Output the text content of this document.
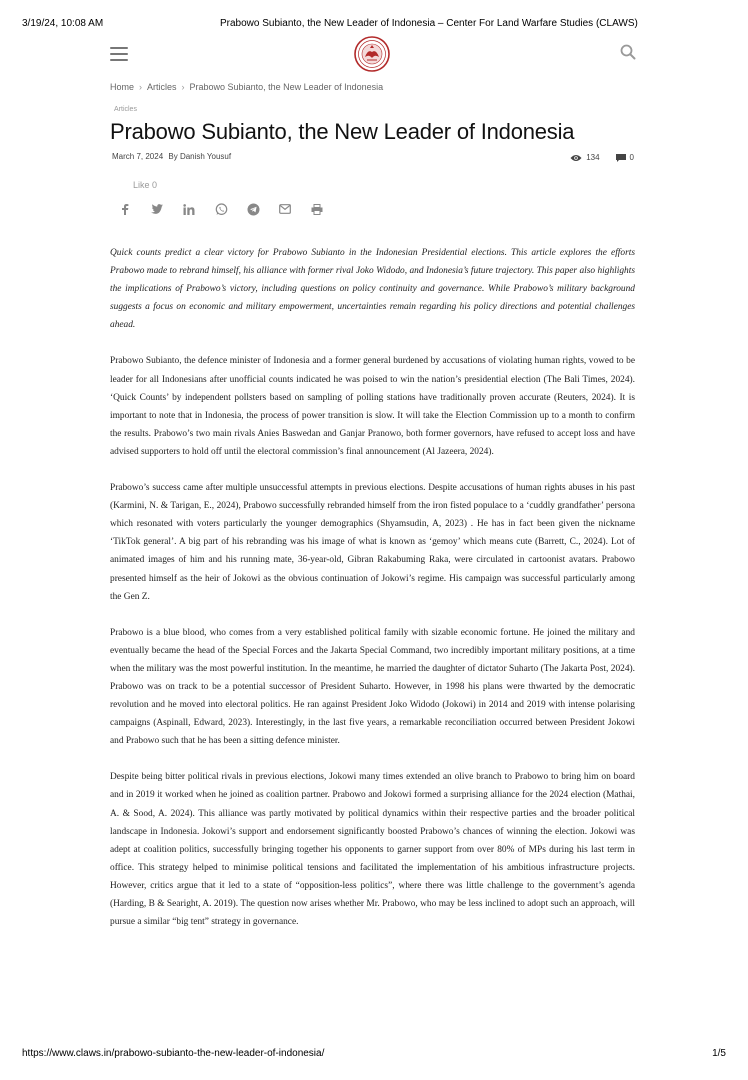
3/19/24, 10:08 AM	Prabowo Subianto, the New Leader of Indonesia – Center For Land Warfare Studies (CLAWS)
Home › Articles › Prabowo Subianto, the New Leader of Indonesia
Articles
Prabowo Subianto, the New Leader of Indonesia
March 7, 2024 By Danish Yousuf	134	0
Like 0

Quick counts predict a clear victory for Prabowo Subianto in the Indonesian Presidential elections. This article explores the efforts Prabowo made to rebrand himself, his alliance with former rival Joko Widodo, and Indonesia’s future trajectory. This paper also highlights the implications of Prabowo’s victory, including questions on policy continuity and governance. While Prabowo’s military background suggests a focus on economic and military empowerment, uncertainties remain regarding his policy directions and potential challenges ahead.

Prabowo Subianto, the defence minister of Indonesia and a former general burdened by accusations of violating human rights, vowed to be leader for all Indonesians after unofficial counts indicated he was poised to win the nation’s presidential election (The Bali Times, 2024). ‘Quick Counts’ by independent pollsters based on sampling of polling stations have traditionally proven accurate (Reuters, 2024). It is important to note that in Indonesia, the process of power transition is slow. It will take the Election Commission up to a month to confirm the results. Prabowo’s two main rivals Anies Baswedan and Ganjar Pranowo, both former governors, have refused to accept loss and have advised supporters to hold off until the electoral commission’s final announcement (Al Jazeera, 2024).

Prabowo’s success came after multiple unsuccessful attempts in previous elections. Despite accusations of human rights abuses in his past (Karmini, N. & Tarigan, E., 2024), Prabowo successfully rebranded himself from the iron fisted populace to a ‘cuddly grandfather’ persona which resonated with voters particularly the younger demographics (Shyamsudin, A, 2023) . He has in fact been given the nickname ‘TikTok general’. A big part of his rebranding was his image of what is known as ‘gemoy’ which means cute (Barrett, C., 2024). Lot of animated images of him and his running mate, 36-year-old, Gibran Rakabuming Raka, were circulated in cartoonist avatars. Prabowo presented himself as the heir of Jokowi as the obvious continuation of Jokowi’s regime. His campaign was successful particularly among the Gen Z.

Prabowo is a blue blood, who comes from a very established political family with sizable economic fortune. He joined the military and eventually became the head of the Special Forces and the Jakarta Special Command, two incredibly important military positions, at a time when the military was the most powerful institution. In the meantime, he married the daughter of dictator Suharto (The Jakarta Post, 2024). Prabowo was on track to be a potential successor of President Suharto. However, in 1998 his plans were thwarted by the democratic revolution and he moved into electoral politics. He ran against President Joko Widodo (Jokowi) in 2014 and 2019 with intense polarising campaigns (Aspinall, Edward, 2023). Interestingly, in the last five years, a remarkable reconciliation occurred between President Jokowi and Prabowo such that he has been a sitting defence minister.

Despite being bitter political rivals in previous elections, Jokowi many times extended an olive branch to Prabowo to bring him on board and in 2019 it worked when he joined as coalition partner. Prabowo and Jokowi formed a surprising alliance for the 2024 election (Mathai, A. & Sood, A. 2024). This alliance was partly motivated by political dynamics within their respective parties and the broader political landscape in Indonesia. Jokowi’s support and endorsement significantly boosted Prabowo’s chances of winning the election. Jokowi was adept at coalition politics, successfully bringing together his opponents to garner support from over 80% of MPs during his last term in office. This strategy helped to minimise political tensions and facilitated the implementation of his ambitious infrastructure projects. However, critics argue that it led to a state of “opposition-less politics”, where there was little challenge to the government’s agenda (Harding, B & Searight, A. 2019). The question now arises whether Mr. Prabowo, who may be less inclined to adopt such an approach, will pursue a similar “big tent” strategy in governance.

https://www.claws.in/prabowo-subianto-the-new-leader-of-indonesia/	1/5
